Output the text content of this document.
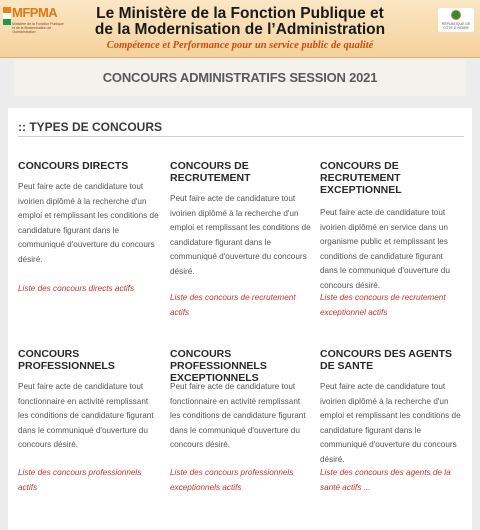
MFPMA
Ministère de la Fonction Publique et de la Modernisation de l'Administration
Le Ministère de la Fonction Publique et
de la Modernisation de l’Administration
Compétence et Performance pour un service public de qualité
RÉPUBLIQUE DE CÔTE D'IVOIRE
CONCOURS ADMINISTRATIFS SESSION 2021
:: TYPES DE CONCOURS
CONCOURS DIRECTS
Peut faire acte de candidature tout ivoirien diplômé à la recherche d'un emploi et remplissant les conditions de candidature figurant dans le communiqué d'ouverture du concours désiré.
Liste des concours directs actifs
CONCOURS DE
RECRUTEMENT
Peut faire acte de candidature tout ivoirien diplômé à la recherche d'un emploi et remplissant les conditions de candidature figurant dans le communiqué d'ouverture du concours désiré.
Liste des concours de recrutement actifs
CONCOURS DE
RECRUTEMENT
EXCEPTIONNEL
Peut faire acte de candidature tout ivoirien diplômé en service dans un organisme public et remplissant les conditions de candidature figurant dans le communiqué d'ouverture du concours désiré.
Liste des concours de recrutement exceptionnel actifs
CONCOURS
PROFESSIONNELS
Peut faire acte de candidature tout fonctionnaire en activité remplissant les conditions de candidature figurant dans le communiqué d'ouverture du concours désiré.
Liste des concours professionnels actifs
CONCOURS
PROFESSIONNELS
EXCEPTIONNELS
Peut faire acte de candidature tout fonctionnaire en activité remplissant les conditions de candidature figurant dans le communiqué d'ouverture du concours désiré.
Liste des concours professionnels exceptionnels actifs
CONCOURS DES AGENTS
DE SANTE
Peut faire acte de candidature tout ivoirien diplômé à la recherche d'un emploi et remplissant les conditions de candidature figurant dans le communiqué d'ouverture du concours désiré.
Liste des concours des agents de la santé actifs ...
